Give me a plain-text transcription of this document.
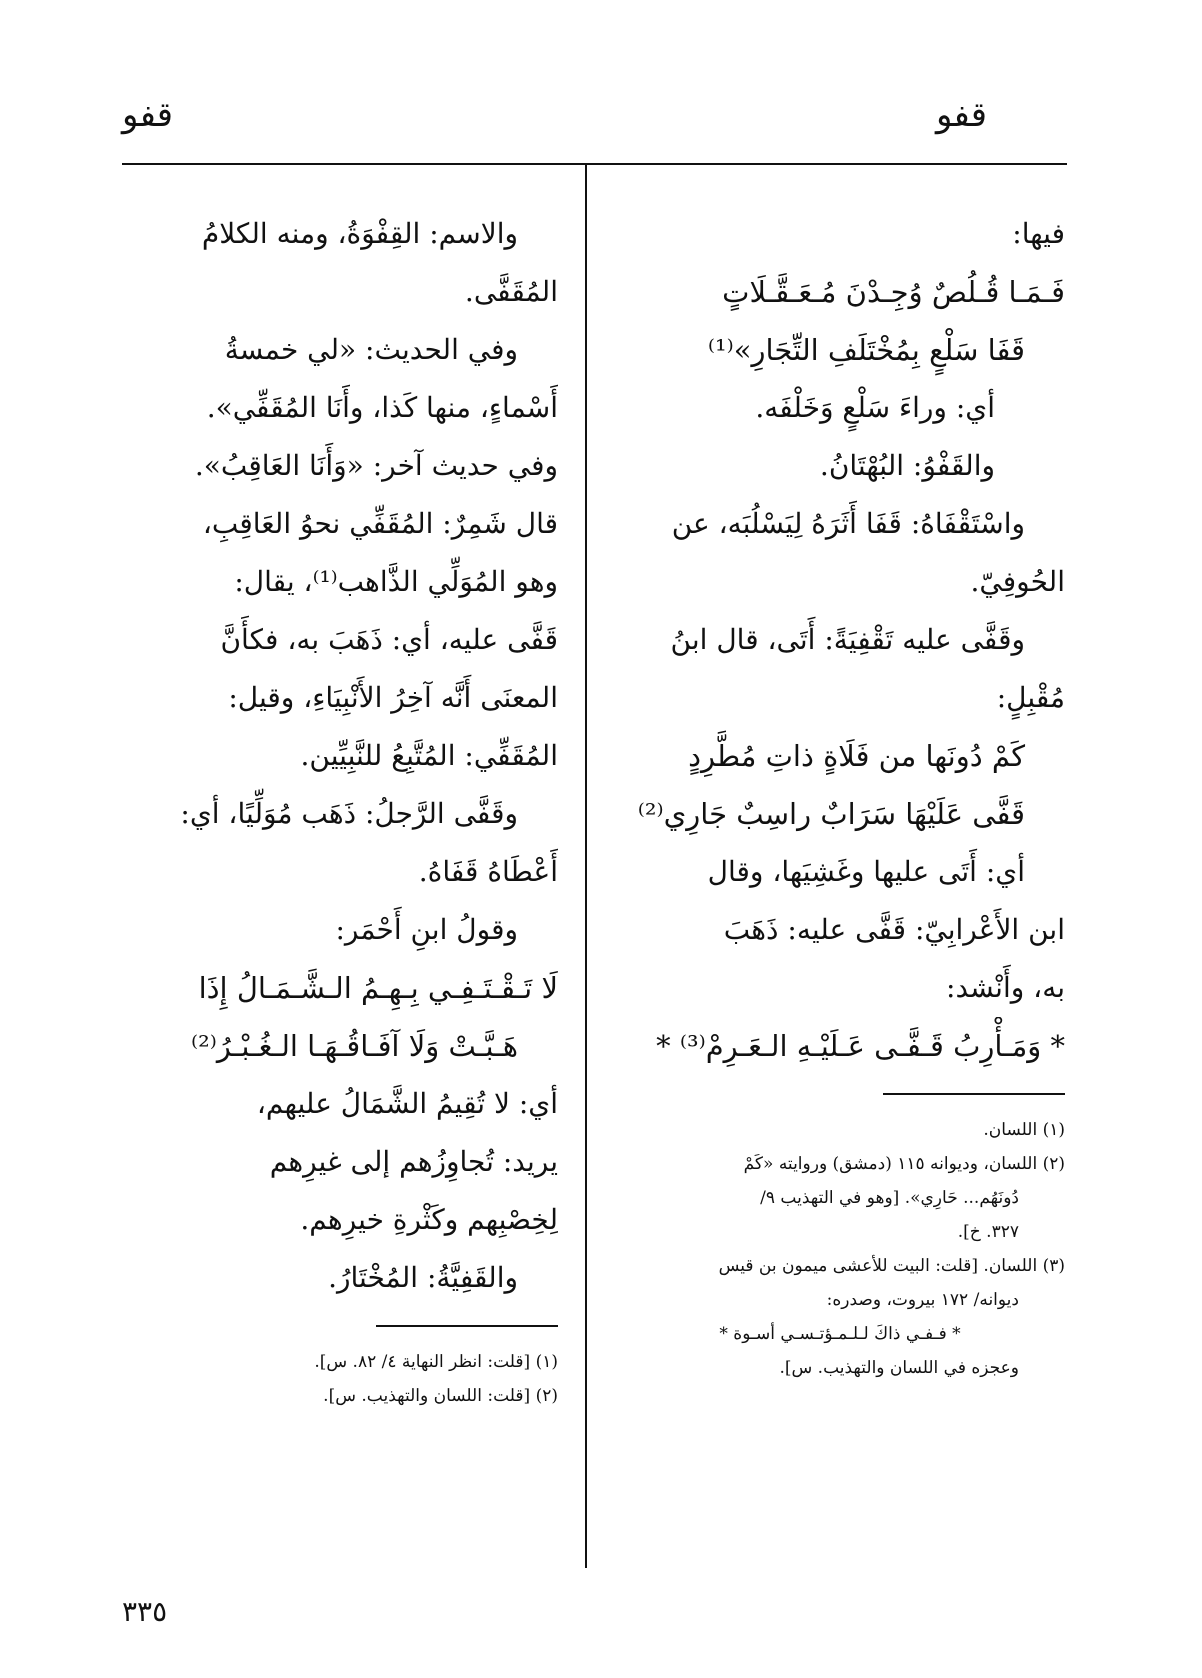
قفو
قفو
فيها:
فَـمَـا قُـلُصٌ وُجِـدْنَ مُـعَـقَّـلَاتٍ
قَفَا سَلْعٍ بِمُخْتَلَفِ التِّجَارِ»⁽¹⁾
أي: وراءَ سَلْعٍ وَخَلْفَه.
والقَفْوُ: البُهْتَانُ.
واسْتَقْفَاهُ: قَفَا أَثَرَهُ لِيَسْلُبَه، عن
الحُوفِيّ.
وقَفَّى عليه تَقْفِيَةً: أَتَى، قال ابنُ
مُقْبِلٍ:
كَمْ دُونَها من فَلَاةٍ ذاتِ مُطَّرِدٍ
قَفَّى عَلَيْهَا سَرَابٌ راسِبٌ جَارِي⁽²⁾
أي: أَتَى عليها وغَشِيَها، وقال
ابن الأَعْرابِيّ: قَفَّى عليه: ذَهَبَ
به، وأَنْشد:
* وَمَـأْرِبُ قَـفَّـى عَـلَيْـهِ الـعَـرِمْ⁽³⁾ *
(١) اللسان.
(٢) اللسان، وديوانه ١١٥ (دمشق) وروايته «كَمْ
دُونَهُم... حَارِي». [وهو في التهذيب ٩/
٣٢٧. خ].
(٣) اللسان. [قلت: البيت للأعشى ميمون بن قيس
ديوانه/ ١٧٢ بيروت، وصدره:
* فـفـي ذاكَ لـلـمـؤتـسـي أسـوة *
وعجزه في اللسان والتهذيب. س].
والاسم: القِفْوَةُ، ومنه الكلامُ
المُقَفَّى.
وفي الحديث: «لي خمسةُ
أَسْماءٍ، منها كَذا، وأَنَا المُقَفِّي».
وفي حديث آخر: «وَأَنَا العَاقِبُ».
قال شَمِرٌ: المُقَفِّي نحوُ العَاقِبِ،
وهو المُوَلِّي الذَّاهب⁽¹⁾، يقال:
قَفَّى عليه، أي: ذَهَبَ به، فكأَنَّ
المعنَى أَنَّه آخِرُ الأَنْبِيَاءِ، وقيل:
المُقَفِّي: المُتَّبِعُ للنَّبِيِّين.
وقَفَّى الرَّجلُ: ذَهَب مُوَلِّيًا، أي:
أَعْطَاهُ قَفَاهُ.
وقولُ ابنِ أَحْمَر:
لَا تَـقْـتَـفِـي بِـهِـمُ الـشَّـمَـالُ إِذَا
هَـبَّـتْ وَلَا آفَـاقُـهَـا الـغُـبْـرُ⁽²⁾
أي: لا تُقِيمُ الشَّمَالُ عليهم،
يريد: تُجاوِزُهم إلى غيرِهم
لِخِصْبِهم وكَثْرةِ خيرِهم.
والقَفِيَّةُ: المُخْتَارُ.
(١) [قلت: انظر النهاية ٤/ ٨٢. س].
(٢) [قلت: اللسان والتهذيب. س].
٣٣٥
